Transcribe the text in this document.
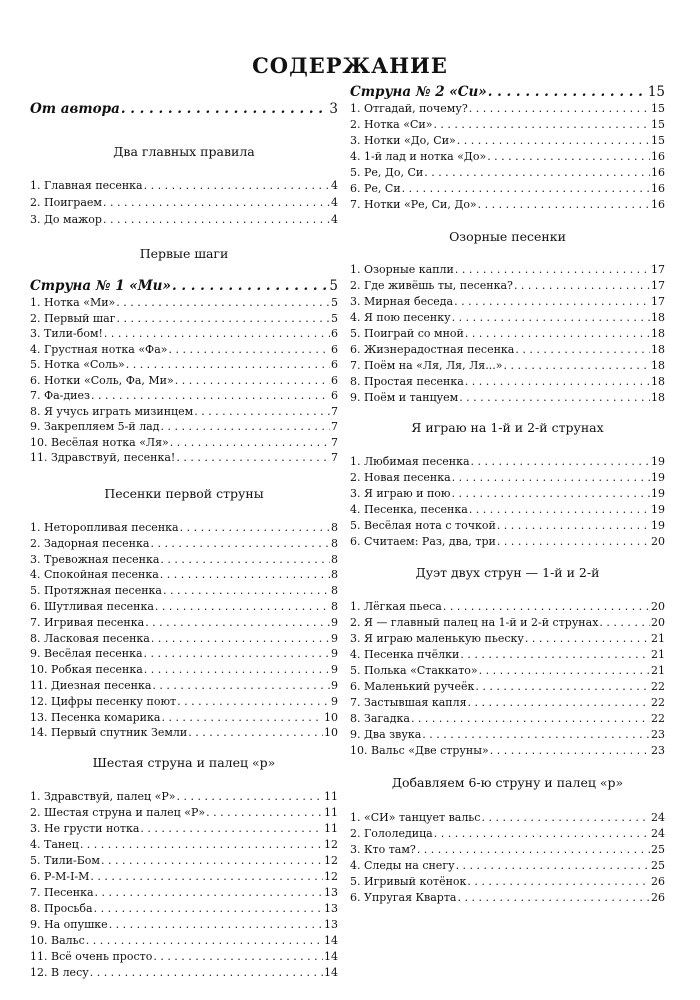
СОДЕРЖАНИЕ
От автора . . .	3
Два главных правила
1. Главная песенка . . .	4
2. Поиграем . . .	4
3. До мажор . . .	4
Первые шаги
Струна № 1 «Ми» . . .	5
1. Нотка «Ми» . . .	5
2. Первый шаг . . .	5
3. Тили-бом! . . .	6
4. Грустная нотка «Фа» . . .	6
5. Нотка «Соль» . . .	6
6. Нотки «Соль, Фа, Ми» . . .	6
7. Фа-диез . . .	6
8. Я учусь играть мизинцем . . .	7
9. Закрепляем 5-й лад . . .	7
10. Весёлая нотка «Ля» . . .	7
11. Здравствуй, песенка! . . .	7
Песенки первой струны
1. Неторопливая песенка . . .	8
2. Задорная песенка . . .	8
3. Тревожная песенка . . .	8
4. Спокойная песенка . . .	8
5. Протяжная песенка . . .	8
6. Шутливая песенка . . .	8
7. Игривая песенка . . .	9
8. Ласковая песенка . . .	9
9. Весёлая песенка . . .	9
10. Робкая песенка . . .	9
11. Диезная песенка . . .	9
12. Цифры песенку поют . . .	9
13. Песенка комарика . . .	10
14. Первый спутник Земли . . .	10
Шестая струна и палец «р»
1. Здравствуй, палец «Р» . . .	11
2. Шестая струна и палец «Р» . . .	11
3. Не грусти нотка . . .	11
4. Танец . . .	12
5. Тили-Бом . . .	12
6. Р-М-I-М . . .	12
7. Песенка . . .	13
8. Просьба . . .	13
9. На опушке . . .	13
10. Вальс . . .	14
11. Всё очень просто . . .	14
12. В лесу . . .	14
Струна № 2 «Си» . . .	15
1. Отгадай, почему? . . .	15
2. Нотка «Си» . . .	15
3. Нотки «До, Си» . . .	15
4. 1-й лад и нотка «До» . . .	16
5. Ре, До, Си . . .	16
6. Ре, Си . . .	16
7. Нотки «Ре, Си, До» . . .	16
Озорные песенки
1. Озорные капли . . .	17
2. Где живёшь ты, песенка? . . .	17
3. Мирная беседа . . .	17
4. Я пою песенку . . .	18
5. Поиграй со мной . . .	18
6. Жизнерадостная песенка . . .	18
7. Поём на «Ля, Ля, Ля...» . . .	18
8. Простая песенка . . .	18
9. Поём и танцуем . . .	18
Я играю на 1-й и 2-й струнах
1. Любимая песенка . . .	19
2. Новая песенка . . .	19
3. Я играю и пою . . .	19
4. Песенка, песенка . . .	19
5. Весёлая нота с точкой . . .	19
6. Считаем: Раз, два, три . . .	20
Дуэт двух струн — 1-й и 2-й
1. Лёгкая пьеса . . .	20
2. Я — главный палец на 1-й и 2-й струнах . . .	20
3. Я играю маленькую пьеску . . .	21
4. Песенка пчёлки . . .	21
5. Полька «Стаккато» . . .	21
6. Маленький ручеёк . . .	22
7. Застывшая капля . . .	22
8. Загадка . . .	22
9. Два звука . . .	23
10. Вальс «Две струны» . . .	23
Добавляем 6-ю струну и палец «р»
1. «СИ» танцует вальс . . .	24
2. Гололедица . . .	24
3. Кто там? . . .	25
4. Следы на снегу . . .	25
5. Игривый котёнок . . .	26
6. Упругая Кварта . . .	26
